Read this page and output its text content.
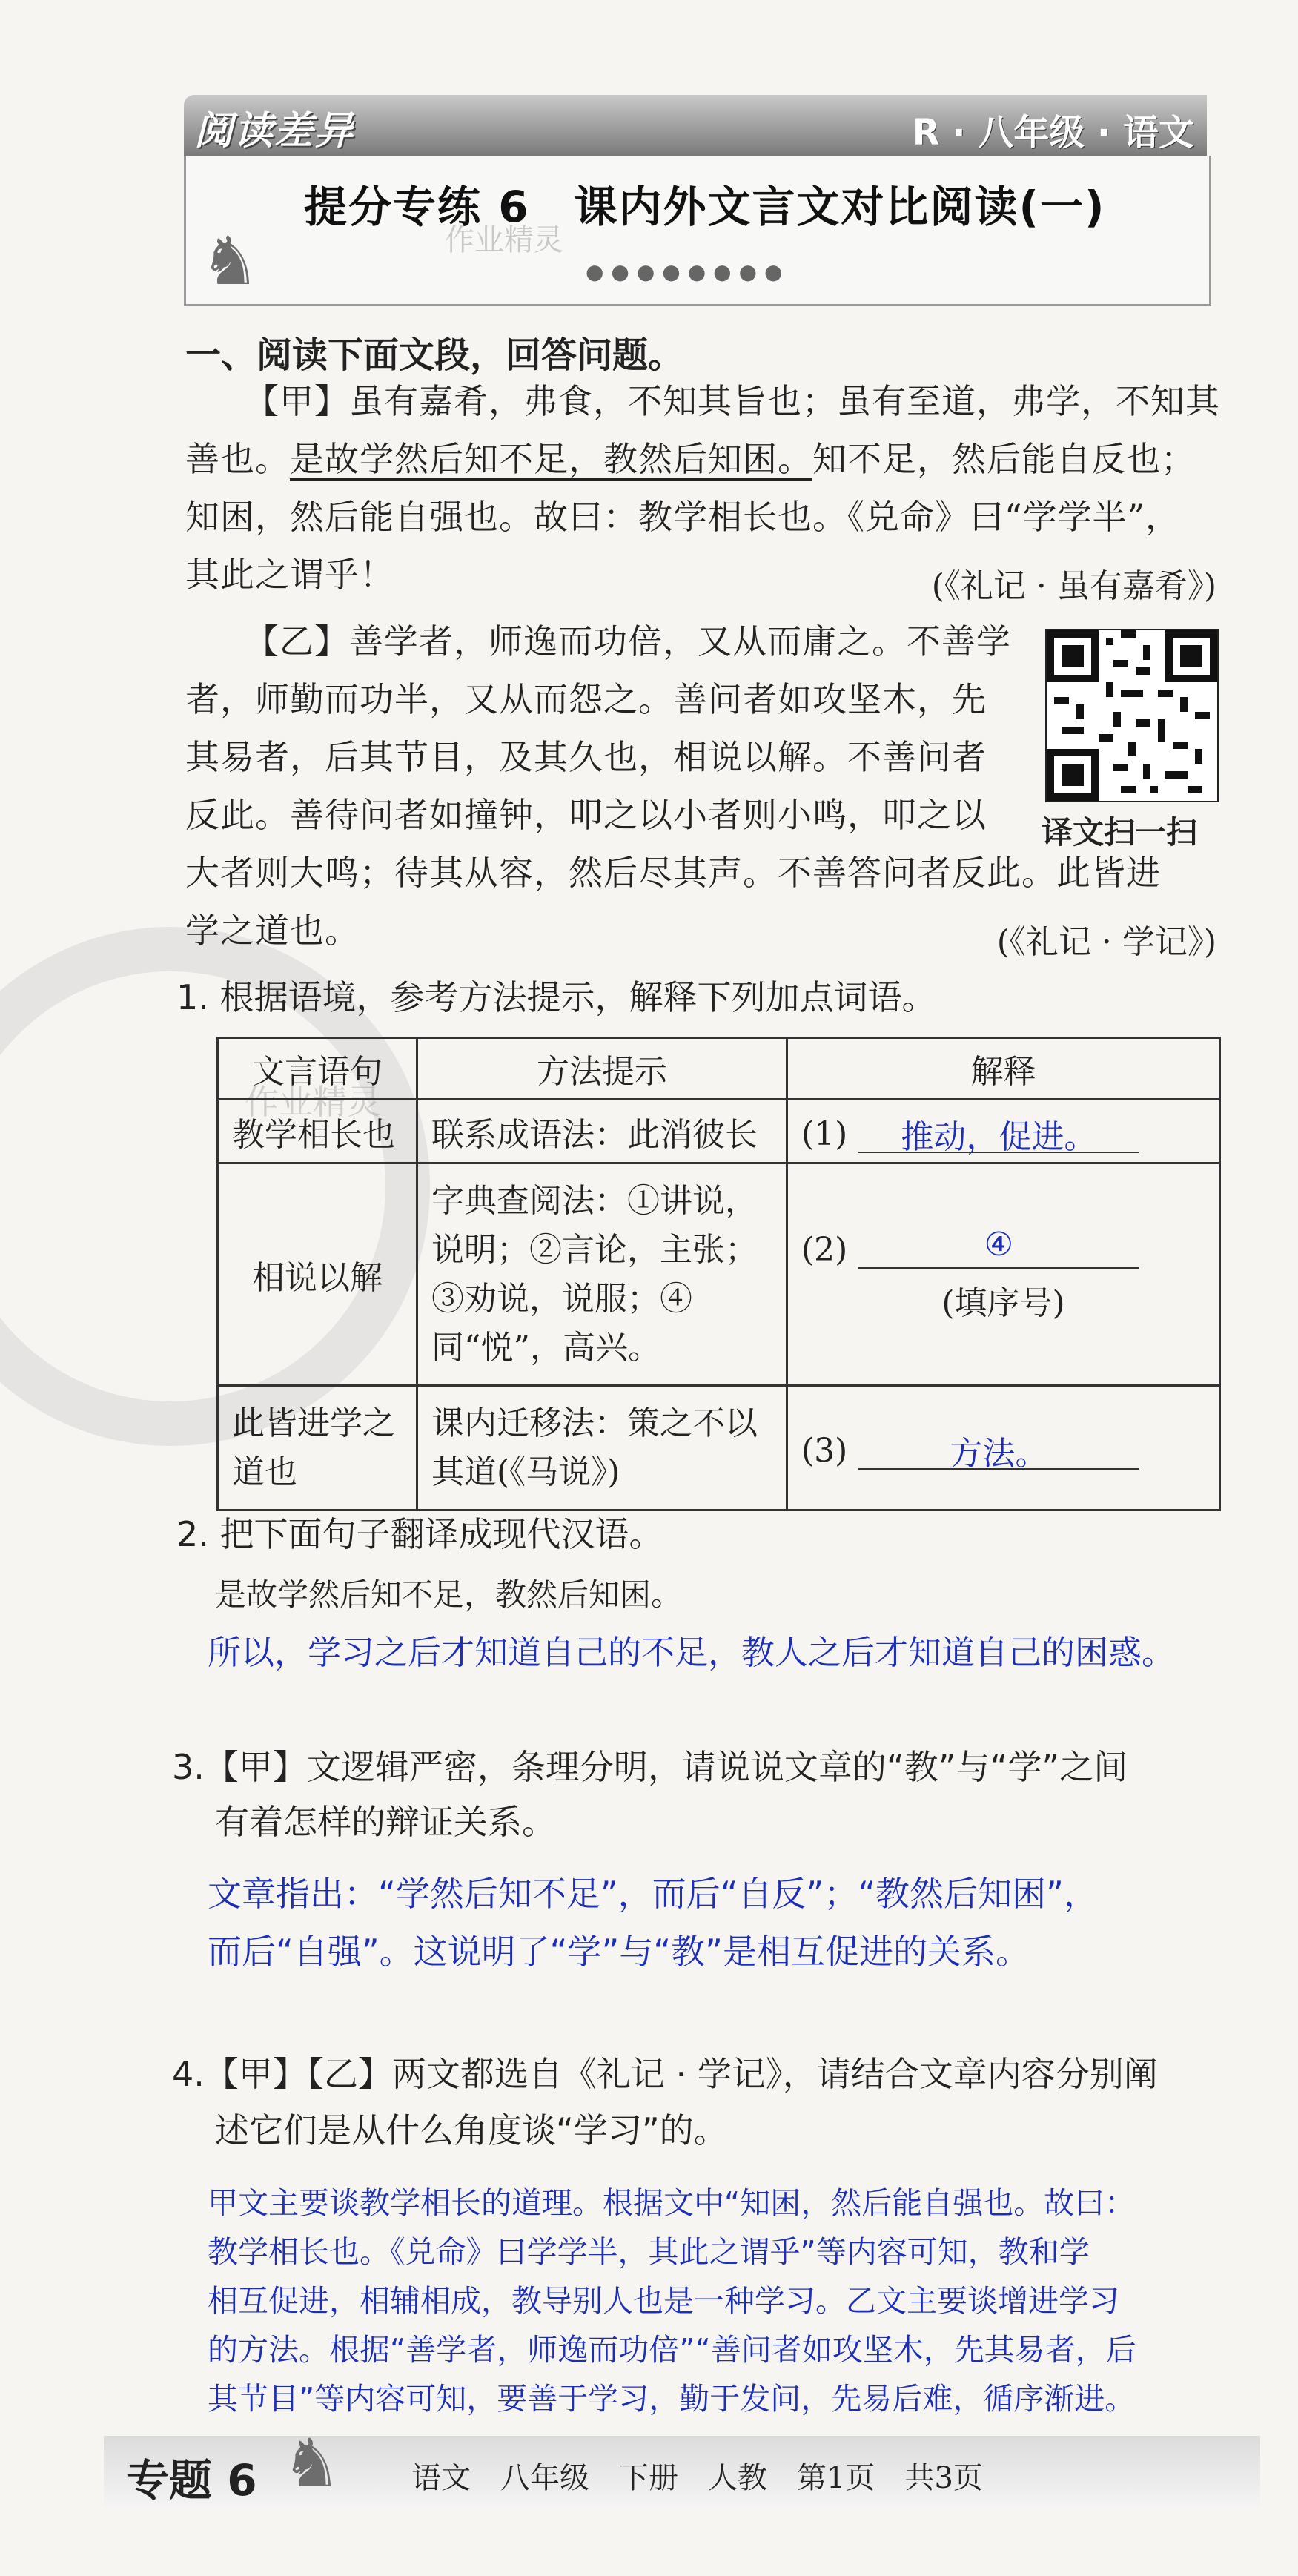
作业精灵
阅读差异	R · 八年级 · 语文
♞	作业精灵
提分专练 6　课内外文言文对比阅读(一)
●●●●●●●●
一、阅读下面文段，回答问题。
【甲】虽有嘉肴，弗食，不知其旨也；虽有至道，弗学，不知其
善也。是故学然后知不足，教然后知困。知不足，然后能自反也；
知困，然后能自强也。故曰：教学相长也。《兑命》曰“学学半”，
其此之谓乎！	(《礼记 · 虽有嘉肴》)
【乙】善学者，师逸而功倍，又从而庸之。不善学
者，师勤而功半，又从而怨之。善问者如攻坚木，先
其易者，后其节目，及其久也，相说以解。不善问者
反此。善待问者如撞钟，叩之以小者则小鸣，叩之以
大者则大鸣；待其从容，然后尽其声。不善答问者反此。此皆进
学之道也。	(《礼记 · 学记》)
译文扫一扫
1. 根据语境，参考方法提示，解释下列加点词语。
文言语句	方法提示	解释
教学相长也	联系成语法：此消彼长	(1) 推动，促进。
相说以解	字典查阅法：①讲说，说明；②言论，主张；③劝说，说服；④同“悦”，高兴。	(2) ④
(填序号)

此皆进学之道也	课内迁移法：策之不以其道(《马说》)	(3) 方法。
2. 把下面句子翻译成现代汉语。
是故学然后知不足，教然后知困。
所以，学习之后才知道自己的不足，教人之后才知道自己的困惑。
3.【甲】文逻辑严密，条理分明，请说说文章的“教”与“学”之间
有着怎样的辩证关系。
文章指出：“学然后知不足”，而后“自反”；“教然后知困”，
而后“自强”。这说明了“学”与“教”是相互促进的关系。
4.【甲】【乙】两文都选自《礼记 · 学记》，请结合文章内容分别阐
述它们是从什么角度谈“学习”的。
甲文主要谈教学相长的道理。根据文中“知困，然后能自强也。故曰：
教学相长也。《兑命》曰学学半，其此之谓乎”等内容可知，教和学
相互促进，相辅相成，教导别人也是一种学习。乙文主要谈增进学习
的方法。根据“善学者，师逸而功倍”“善问者如攻坚木，先其易者，后
其节目”等内容可知，要善于学习，勤于发问，先易后难，循序渐进。
专题 6 ♞ 语文　八年级　下册　人教　第1页　共3页
